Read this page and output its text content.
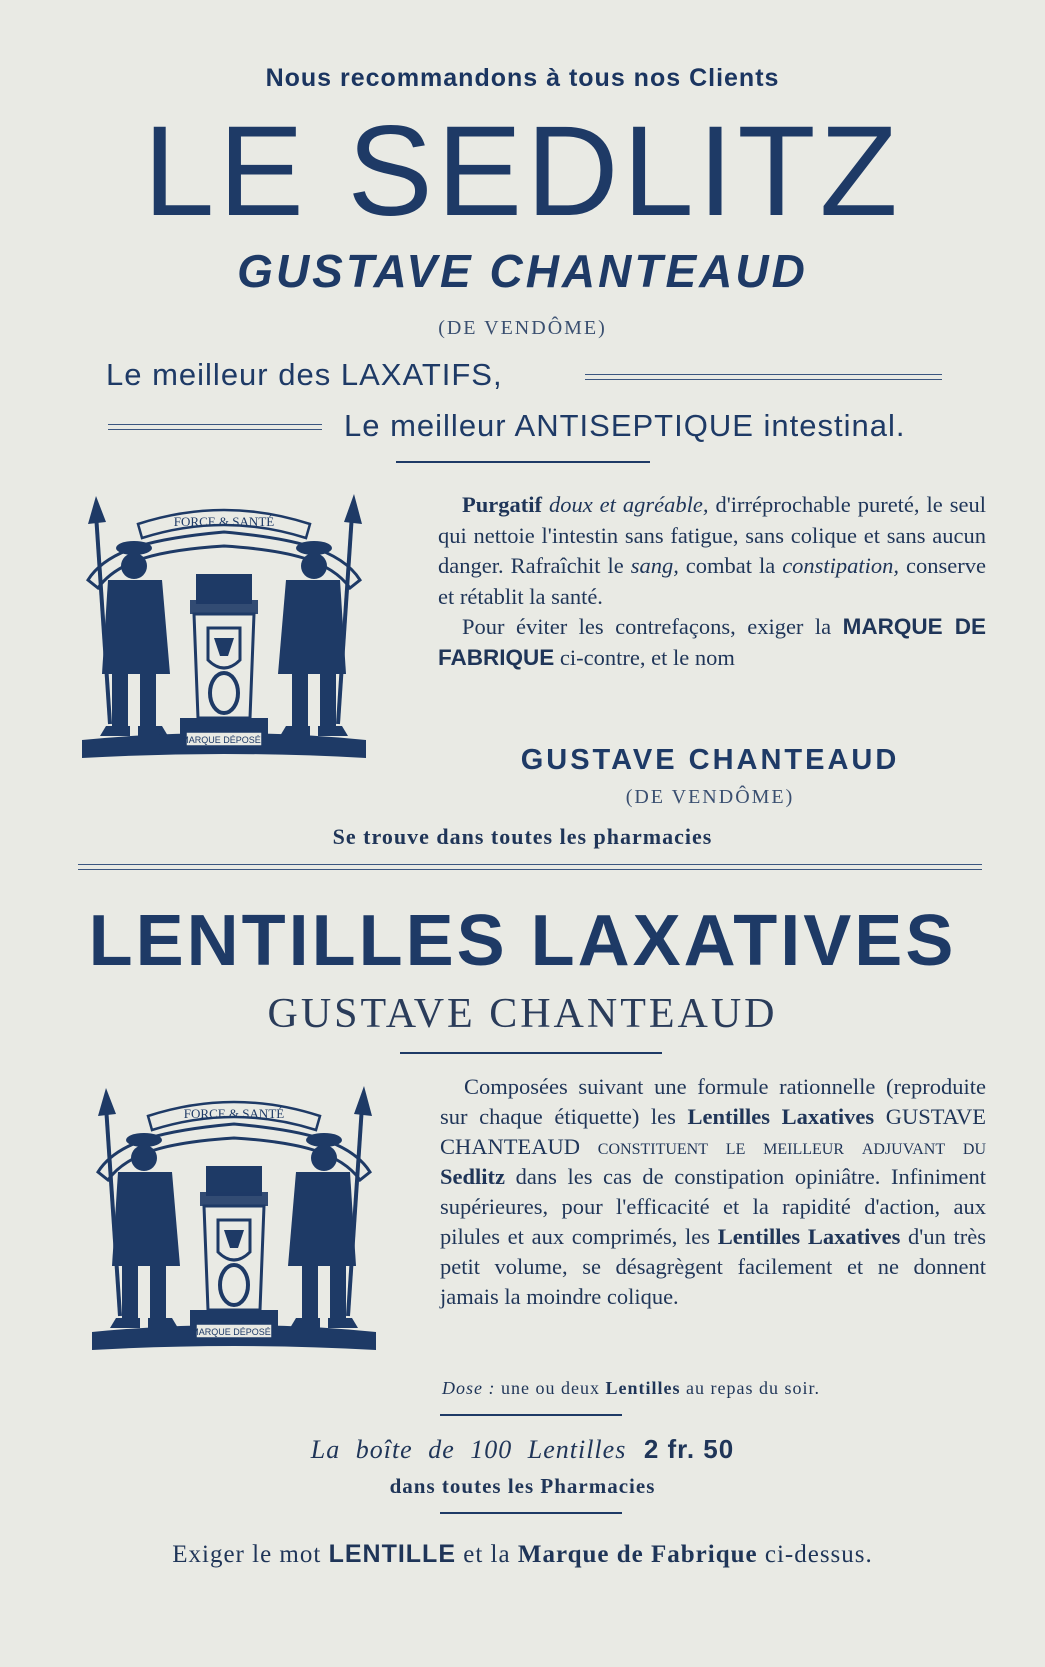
Nous recommandons à tous nos Clients
LE SEDLITZ
GUSTAVE CHANTEAUD
(DE VENDÔME)
Le meilleur des LAXATIFS,
Le meilleur ANTISEPTIQUE intestinal.
FORCE & SANTÉ
MARQUE DÉPOSÉE

Purgatif doux et agréable, d'irréprochable pureté, le seul qui nettoie l'intestin sans fatigue, sans colique et sans aucun danger. Rafraîchit le sang, combat la constipation, conserve et rétablit la santé.

Pour éviter les contrefaçons, exiger la MARQUE DE FABRIQUE ci-contre, et le nom

GUSTAVE CHANTEAUD
(DE VENDÔME)
Se trouve dans toutes les pharmacies
LENTILLES LAXATIVES
GUSTAVE CHANTEAUD
FORCE & SANTÉ
MARQUE DÉPOSÉE

Composées suivant une formule rationnelle (reproduite sur chaque étiquette) les Lentilles Laxatives GUSTAVE CHANTEAUD constituent le meilleur adjuvant du Sedlitz dans les cas de constipation opiniâtre. Infiniment supérieures, pour l'efficacité et la rapidité d'action, aux pilules et aux comprimés, les Lentilles Laxatives d'un très petit volume, se désagrègent facilement et ne donnent jamais la moindre colique.

Dose : une ou deux Lentilles au repas du soir.
La boîte de 100 Lentilles 2 fr. 50
dans toutes les Pharmacies
Exiger le mot LENTILLE et la Marque de Fabrique ci-dessus.
